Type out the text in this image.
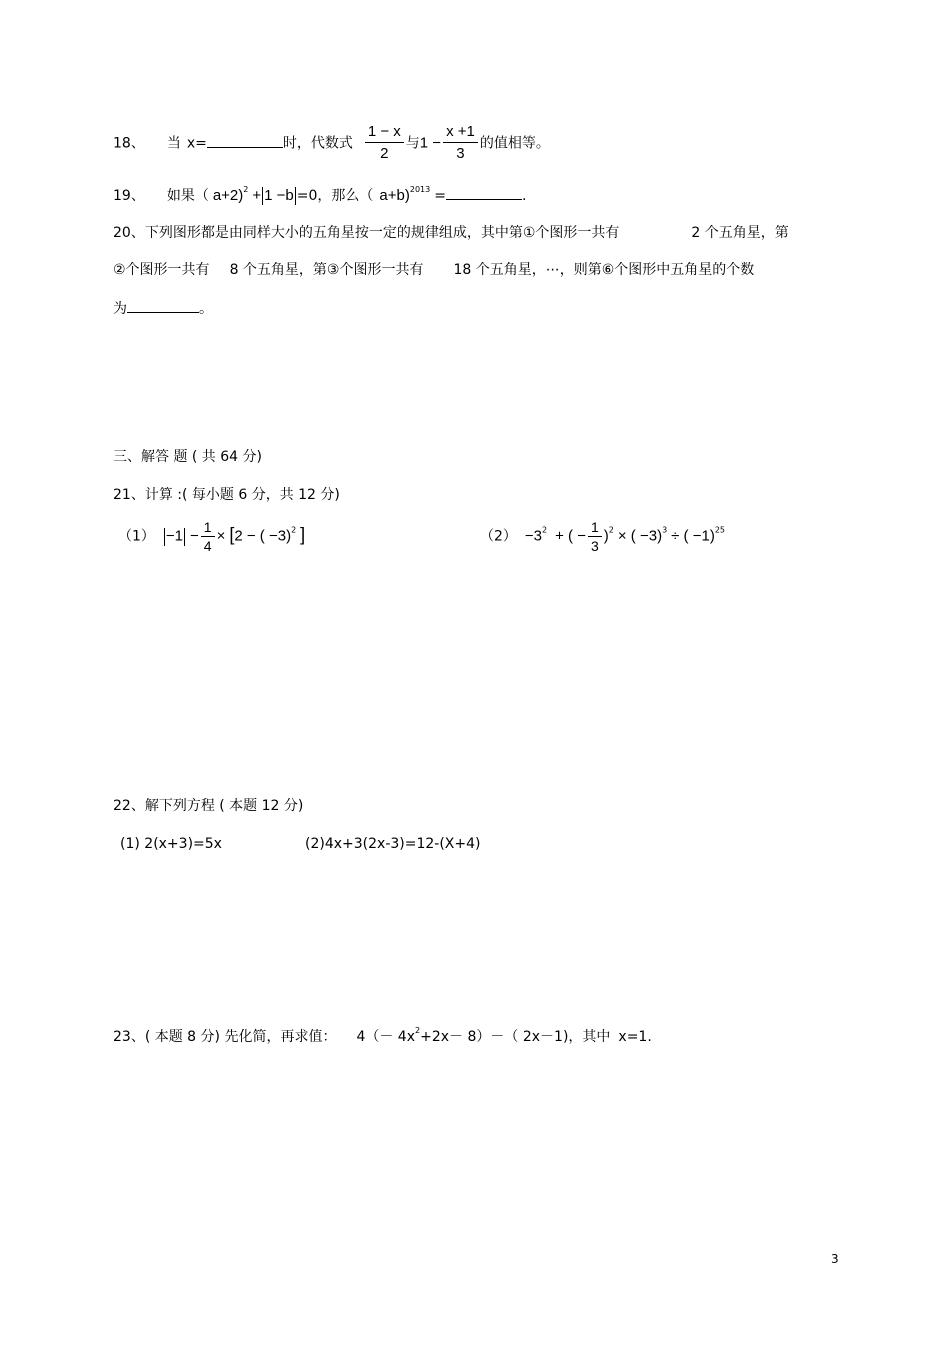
18、 当 x=	时，代数式 $\frac{1 - x}{2}$ 与$1 - \frac{x +1}{3}$ 的值相等。
19、 如果（ a+2)$^2$ + 1 −b =0，那么（ a+b)$^{2013}$ =	.
20、下列图形都是由同样大小的五角星按一定的规律组成，其中第①个图形一共有	2 个五角星，第
②个图形一共有 8 个五角星，第③个图形一共有 18 个五角星，⋯，则第⑥个图形中五角星的个数
为	。
三、解答 题 ( 共 64 分)
21、计算 :( 每小题 6 分，共 12 分)
$(1) -1 - \frac{1}{4} \times [2$ − ( −3)$^2$ ]	$(2) -3^2$ + ( − $\frac{1}{3} )^2$ × ( −3)$^3$ ÷ ( −1)$^{25}$
22、解下列方程 ( 本题 12 分)
(1) 2(x+3)=5x	(2)4x+3(2x-3)=12-(X+4)
23、( 本题 8 分) 先化简，再求值： $4(- 4x^2+2x- 8)-$（ 2x－1)，其中 x=1.
3
